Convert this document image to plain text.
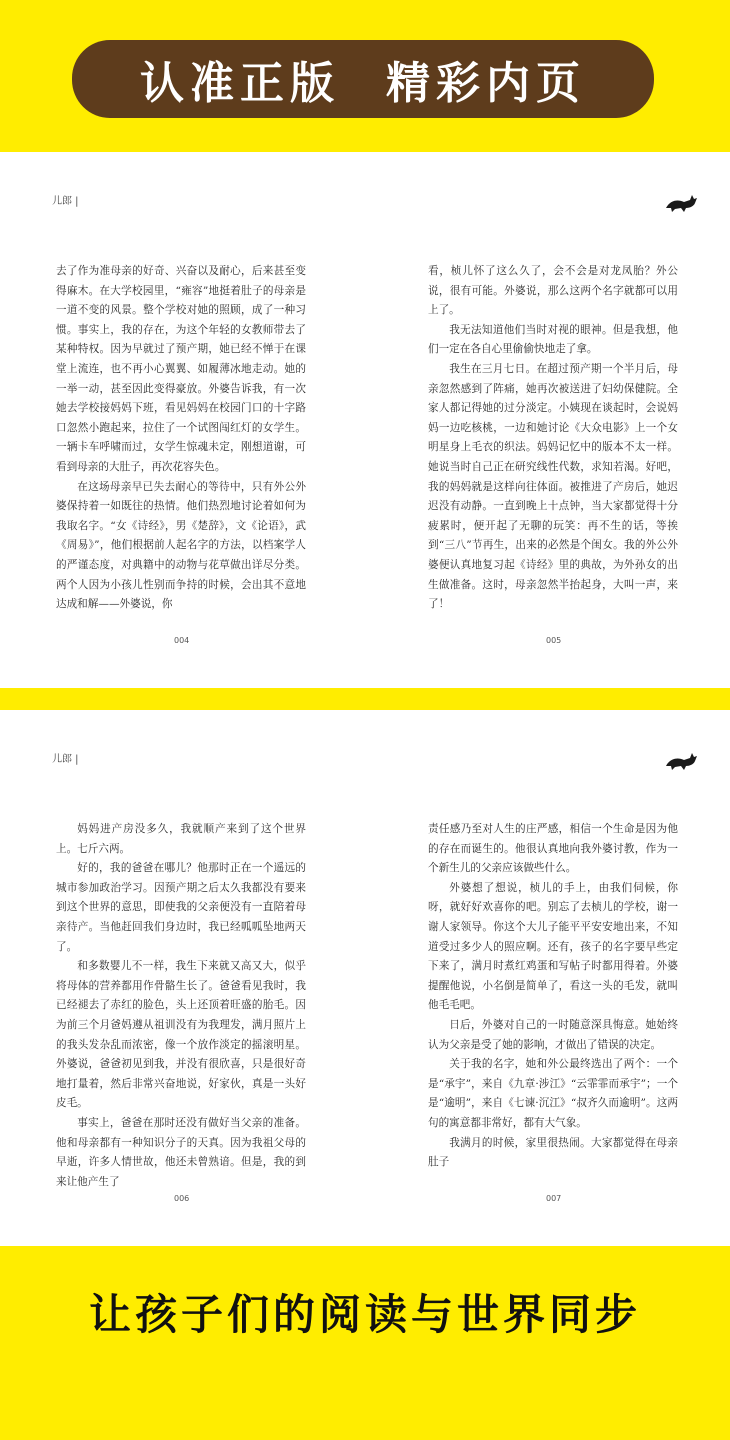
认准正版 精彩内页
儿郎 |

去了作为准母亲的好奇、兴奋以及耐心，后来甚至变得麻木。在大学校园里，“雍容”地挺着肚子的母亲是一道不变的风景。整个学校对她的照顾，成了一种习惯。事实上，我的存在，为这个年轻的女教师带去了某种特权。因为早就过了预产期，她已经不惮于在课堂上流连，也不再小心翼翼、如履薄冰地走动。她的一举一动，甚至因此变得豪放。外婆告诉我，有一次她去学校接妈妈下班，看见妈妈在校园门口的十字路口忽然小跑起来，拉住了一个试图闯红灯的女学生。一辆卡车呼啸而过，女学生惊魂未定，刚想道谢，可看到母亲的大肚子，再次花容失色。

在这场母亲早已失去耐心的等待中，只有外公外婆保持着一如既往的热情。他们热烈地讨论着如何为我取名字。“女《诗经》，男《楚辞》，文《论语》，武《周易》”，他们根据前人起名字的方法，以档案学人的严谨态度，对典籍中的动物与花草做出详尽分类。两个人因为小孩儿性别而争持的时候，会出其不意地达成和解——外婆说，你

看，桢儿怀了这么久了，会不会是对龙凤胎？外公说，很有可能。外婆说，那么这两个名字就都可以用上了。

我无法知道他们当时对视的眼神。但是我想，他们一定在各自心里偷偷快地走了拿。

我生在三月七日。在超过预产期一个半月后，母亲忽然感到了阵痛，她再次被送进了妇幼保健院。全家人都记得她的过分淡定。小姨现在谈起时，会说妈妈一边吃核桃，一边和她讨论《大众电影》上一个女明星身上毛衣的织法。妈妈记忆中的版本不太一样。她说当时自己正在研究线性代数，求知若渴。好吧，我的妈妈就是这样向往体面。被推进了产房后，她迟迟没有动静。一直到晚上十点钟，当大家都觉得十分疲累时，便开起了无聊的玩笑：再不生的话，等挨到“三八”节再生，出来的必然是个闺女。我的外公外婆便认真地复习起《诗经》里的典故，为外孙女的出生做准备。这时，母亲忽然半抬起身，大叫一声，来了！

004	005
儿郎 |

妈妈进产房没多久，我就顺产来到了这个世界上。七斤六两。

好的，我的爸爸在哪儿？他那时正在一个遥远的城市参加政治学习。因预产期之后太久我都没有要来到这个世界的意思，即使我的父亲便没有一直陪着母亲待产。当他赶回我们身边时，我已经呱呱坠地两天了。

和多数婴儿不一样，我生下来就又高又大，似乎将母体的营养都用作骨骼生长了。爸爸看见我时，我已经褪去了赤红的脸色，头上还顶着旺盛的胎毛。因为前三个月爸妈遵从祖训没有为我理发，满月照片上的我头发杂乱而浓密，像一个放作淡定的摇滚明星。外婆说，爸爸初见到我，并没有很欣喜，只是很好奇地打量着，然后非常兴奋地说，好家伙，真是一头好皮毛。

事实上，爸爸在那时还没有做好当父亲的准备。他和母亲都有一种知识分子的天真。因为我祖父母的早逝，许多人情世故，他还未曾熟谙。但是，我的到来让他产生了

责任感乃至对人生的庄严感，相信一个生命是因为他的存在而诞生的。他很认真地向我外婆讨教，作为一个新生儿的父亲应该做些什么。

外婆想了想说，桢儿的手上，由我们伺候，你呀，就好好欢喜你的吧。别忘了去桢儿的学校，谢一谢人家领导。你这个大儿子能平平安安地出来，不知道受过多少人的照应啊。还有，孩子的名字要早些定下来了，满月时煮红鸡蛋和写帖子时都用得着。外婆提醒他说，小名倒是简单了，看这一头的毛发，就叫他毛毛吧。

日后，外婆对自己的一时随意深具悔意。她始终认为父亲是受了她的影响，才做出了错误的决定。

关于我的名字，她和外公最终选出了两个：一个是“承宇”，来自《九章·涉江》“云霏霏而承宇”；一个是“逾明”，来自《七谏·沉江》“叔齐久而逾明”。这两句的寓意都非常好，都有大气象。

我满月的时候，家里很热闹。大家都觉得在母亲肚子

006	007
让孩子们的阅读与世界同步
